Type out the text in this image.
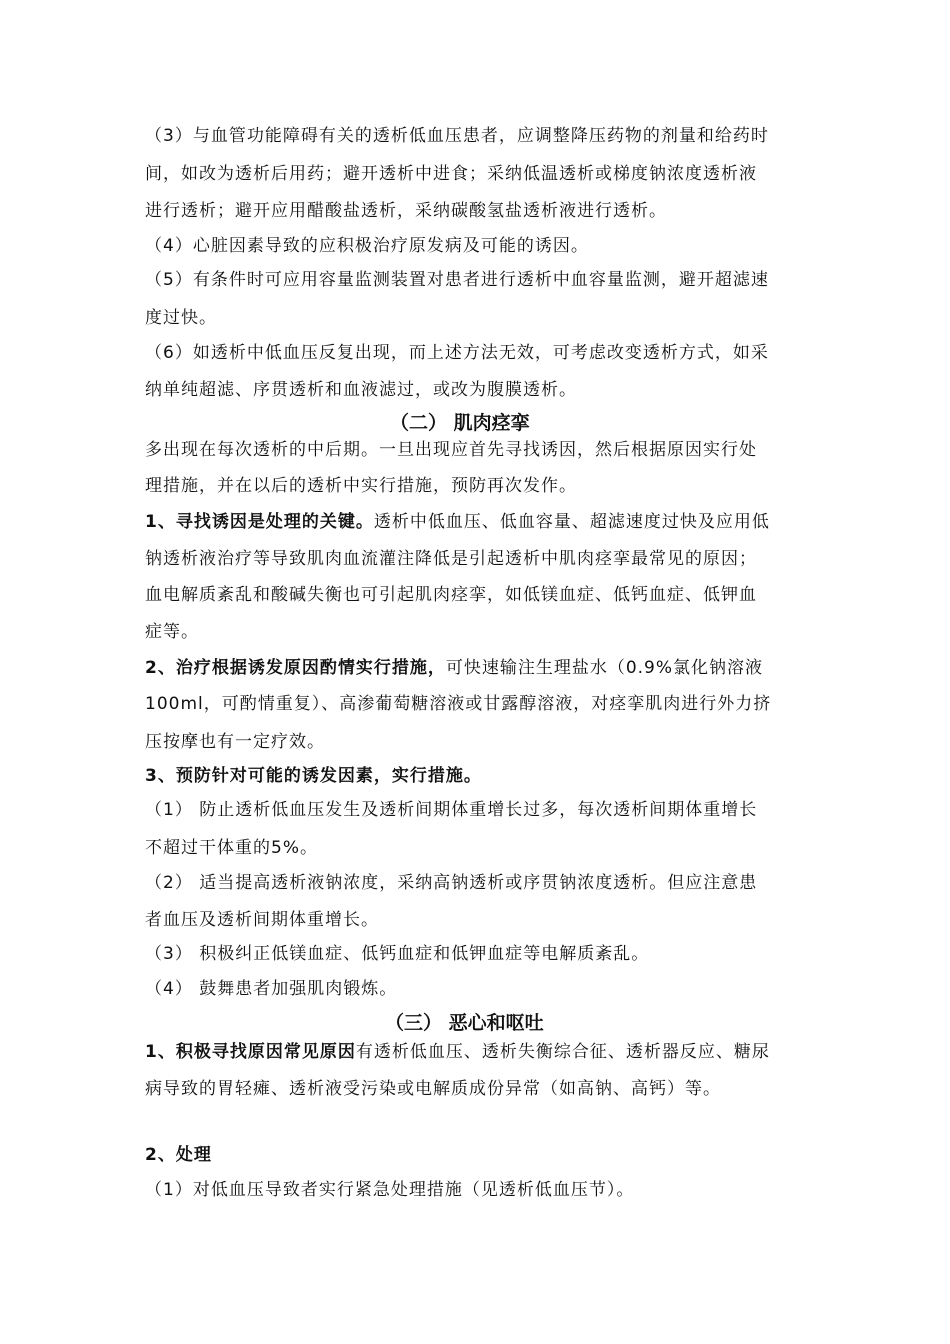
（3）与血管功能障碍有关的透析低血压患者，应调整降压药物的剂量和给药时
间，如改为透析后用药；避开透析中进食；采纳低温透析或梯度钠浓度透析液
进行透析；避开应用醋酸盐透析，采纳碳酸氢盐透析液进行透析。
（4）心脏因素导致的应积极治疗原发病及可能的诱因。
（5）有条件时可应用容量监测装置对患者进行透析中血容量监测，避开超滤速
度过快。
（6）如透析中低血压反复出现，而上述方法无效，可考虑改变透析方式，如采
纳单纯超滤、序贯透析和血液滤过，或改为腹膜透析。
（二） 肌肉痉挛
多出现在每次透析的中后期。一旦出现应首先寻找诱因，然后根据原因实行处
理措施，并在以后的透析中实行措施，预防再次发作。
1、寻找诱因是处理的关键。透析中低血压、低血容量、超滤速度过快及应用低
钠透析液治疗等导致肌肉血流灌注降低是引起透析中肌肉痉挛最常见的原因；
血电解质紊乱和酸碱失衡也可引起肌肉痉挛，如低镁血症、低钙血症、低钾血
症等。
2、治疗根据诱发原因酌情实行措施，可快速输注生理盐水（0.9%氯化钠溶液
100ml，可酌情重复）、高渗葡萄糖溶液或甘露醇溶液，对痉挛肌肉进行外力挤
压按摩也有一定疗效。
3、预防针对可能的诱发因素，实行措施。
（1） 防止透析低血压发生及透析间期体重增长过多，每次透析间期体重增长
不超过干体重的5%。
（2） 适当提高透析液钠浓度，采纳高钠透析或序贯钠浓度透析。但应注意患
者血压及透析间期体重增长。
（3） 积极纠正低镁血症、低钙血症和低钾血症等电解质紊乱。
（4） 鼓舞患者加强肌肉锻炼。
（三） 恶心和呕吐
1、积极寻找原因常见原因有透析低血压、透析失衡综合征、透析器反应、糖尿
病导致的胃轻瘫、透析液受污染或电解质成份异常（如高钠、高钙）等。
2、处理
（1）对低血压导致者实行紧急处理措施（见透析低血压节）。
